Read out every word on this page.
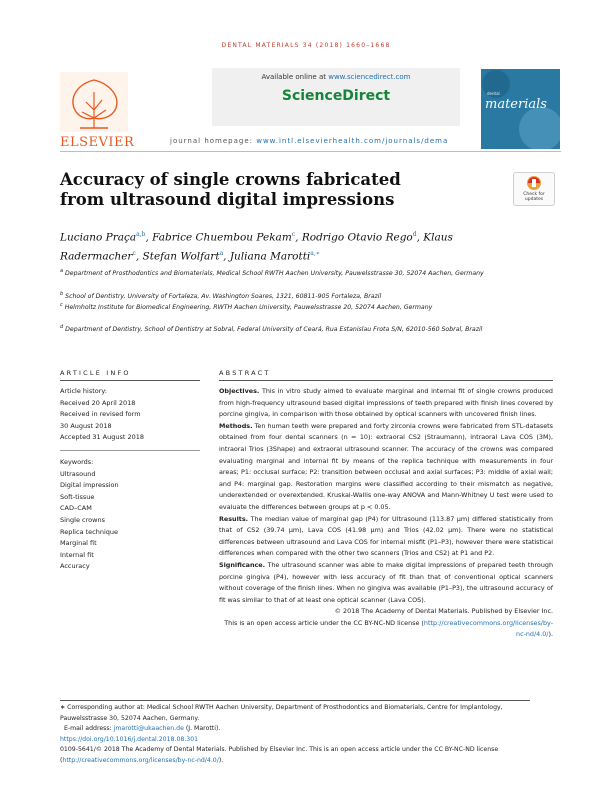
DENTAL MATERIALS 34 (2018) 1660–1668
ELSEVIER
Available online at www.sciencedirect.com
ScienceDirect
journal homepage: www.intl.elsevierhealth.com/journals/dema
dental
materials
Accuracy of single crowns fabricated from ultrasound digital impressions	Check for
updates
Luciano Praça$^{a,b}$, Fabrice Chuembou Pekam$^c$, Rodrigo Otavio Rego$^d$, Klaus Radermacher$^c$, Stefan Wolfart$^a$, Juliana Marotti$^{a,∗}$
$^a$ Department of Prosthodontics and Biomaterials, Medical School RWTH Aachen University, Pauwelsstrasse 30, 52074 Aachen, Germany
$^b$ School of Dentistry, University of Fortaleza, Av. Washington Soares, 1321, 60811-905 Fortaleza, Brazil
$^c$ Helmholtz Institute for Biomedical Engineering, RWTH Aachen University, Pauwelsstrasse 20, 52074 Aachen, Germany
$^d$ Department of Dentistry, School of Dentistry at Sobral, Federal University of Ceará, Rua Estanislau Frota S/N, 62010-560 Sobral, Brazil
ARTICLE INFO
Article history:
Received 20 April 2018
Received in revised form
30 August 2018
Accepted 31 August 2018
Keywords:
Ultrasound
Digital impression
Soft-tissue
CAD–CAM
Single crowns
Replica technique
Marginal fit
Internal fit
Accuracy
ABSTRACT

Objectives. This in vitro study aimed to evaluate marginal and internal fit of single crowns produced from high-frequency ultrasound based digital impressions of teeth prepared with finish lines covered by porcine gingiva, in comparison with those obtained by optical scanners with uncovered finish lines.

Methods. Ten human teeth were prepared and forty zirconia crowns were fabricated from STL-datasets obtained from four dental scanners (n = 10): extraoral CS2 (Straumann), intraoral Lava COS (3M), intraoral Trios (3Shape) and extraoral ultrasound scanner. The accuracy of the crowns was compared evaluating marginal and internal fit by means of the replica technique with measurements in four areas; P1: occlusal surface; P2: transition between occlusal and axial surfaces; P3: middle of axial wall; and P4: marginal gap. Restoration margins were classified according to their mismatch as negative, underextended or overextended. Kruskal-Wallis one-way ANOVA and Mann-Whitney U test were used to evaluate the differences between groups at p < 0.05.

Results. The median value of marginal gap (P4) for Ultrasound (113.87 μm) differed statistically from that of CS2 (39.74 μm), Lava COS (41.98 μm) and Trios (42.02 μm). There were no statistical differences between ultrasound and Lava COS for internal misfit (P1–P3), however there were statistical differences when compared with the other two scanners (Trios and CS2) at P1 and P2.

Significance. The ultrasound scanner was able to make digital impressions of prepared teeth through porcine gingiva (P4), however with less accuracy of fit than that of conventional optical scanners without coverage of the finish lines. When no gingiva was available (P1–P3), the ultrasound accuracy of fit was similar to that of at least one optical scanner (Lava COS).

© 2018 The Academy of Dental Materials. Published by Elsevier Inc.

This is an open access article under the CC BY-NC-ND license (http://creativecommons.org/licenses/by-nc-nd/4.0/).

∗ Corresponding author at: Medical School RWTH Aachen University, Department of Prosthodontics and Biomaterials, Centre for Implantology, Pauwelsstrasse 30, 52074 Aachen, Germany.

E-mail address: jmarotti@ukaachen.de (J. Marotti).

https://doi.org/10.1016/j.dental.2018.08.301

0109-5641/© 2018 The Academy of Dental Materials. Published by Elsevier Inc. This is an open access article under the CC BY-NC-ND license (http://creativecommons.org/licenses/by-nc-nd/4.0/).
